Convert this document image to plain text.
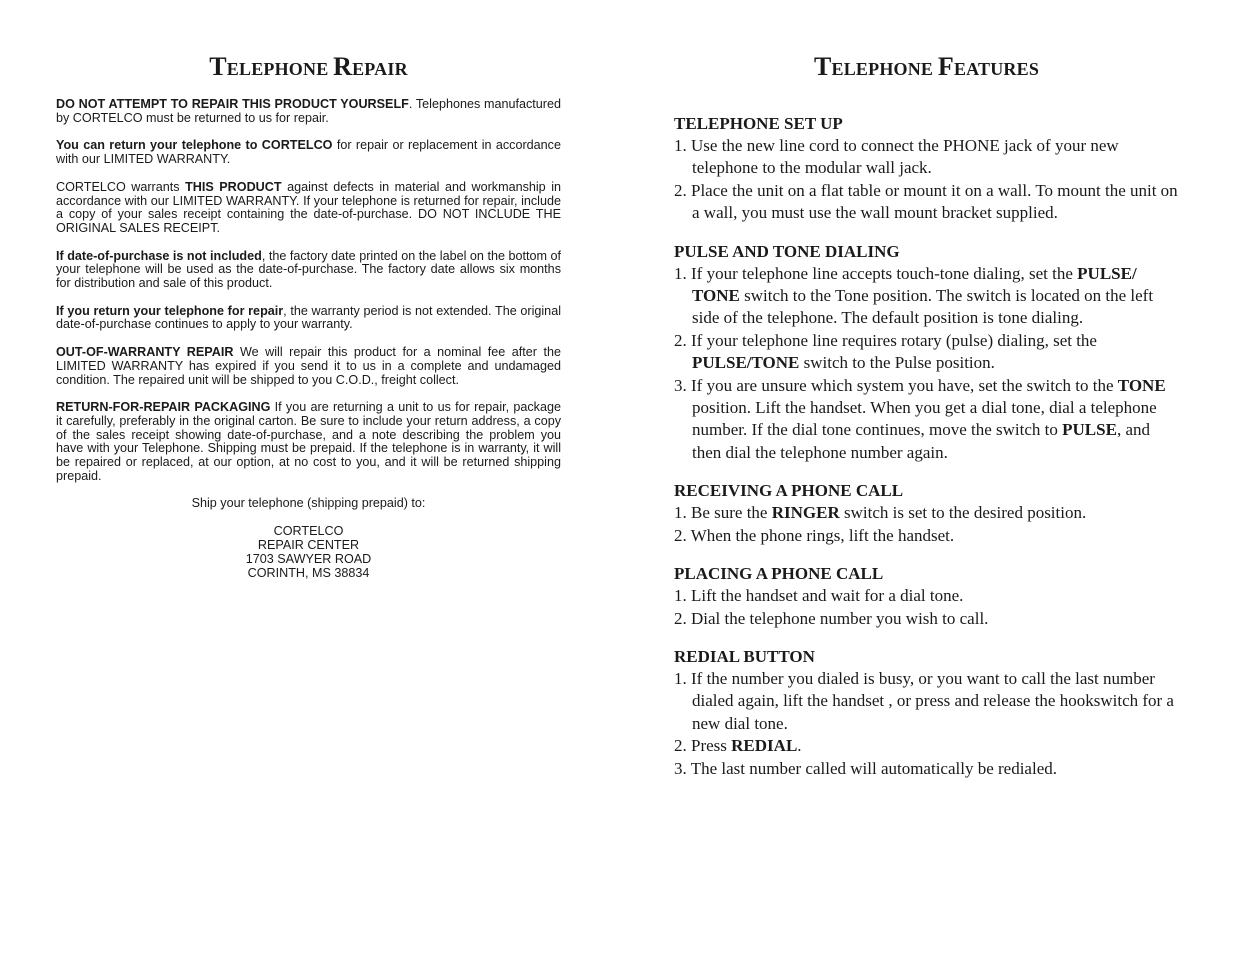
TELEPHONE REPAIR

DO NOT ATTEMPT TO REPAIR THIS PRODUCT YOURSELF. Telephones manufactured by CORTELCO must be returned to us for repair.

You can return your telephone to CORTELCO for repair or replacement in accordance with our LIMITED WARRANTY.

CORTELCO warrants THIS PRODUCT against defects in material and workmanship in accordance with our LIMITED WARRANTY. If your telephone is returned for repair, include a copy of your sales receipt containing the date-of-purchase. DO NOT INCLUDE THE ORIGINAL SALES RECEIPT.

If date-of-purchase is not included, the factory date printed on the label on the bottom of your telephone will be used as the date-of-purchase. The factory date allows six months for distribution and sale of this product.

If you return your telephone for repair, the warranty period is not extended. The original date-of-purchase continues to apply to your warranty.

OUT-OF-WARRANTY REPAIR We will repair this product for a nominal fee after the LIMITED WARRANTY has expired if you send it to us in a complete and undamaged condition. The repaired unit will be shipped to you C.O.D., freight collect.

RETURN-FOR-REPAIR PACKAGING If you are returning a unit to us for repair, package it carefully, preferably in the original carton. Be sure to include your return address, a copy of the sales receipt showing date-of-purchase, and a note describing the problem you have with your Telephone. Shipping must be prepaid. If the telephone is in warranty, it will be repaired or replaced, at our option, at no cost to you, and it will be returned shipping prepaid.

Ship your telephone (shipping prepaid) to:

CORTELCO
REPAIR CENTER
1703 SAWYER ROAD
CORINTH, MS 38834
TELEPHONE FEATURES

TELEPHONE SET UP

1. Use the new line cord to connect the PHONE jack of your new telephone to the modular wall jack.

2. Place the unit on a flat table or mount it on a wall. To mount the unit on a wall, you must use the wall mount bracket supplied.

PULSE AND TONE DIALING

1. If your telephone line accepts touch-tone dialing, set the PULSE/ TONE switch to the Tone position. The switch is located on the left side of the telephone. The default position is tone dialing.

2. If your telephone line requires rotary (pulse) dialing, set the PULSE/TONE switch to the Pulse position.

3. If you are unsure which system you have, set the switch to the TONE position. Lift the handset. When you get a dial tone, dial a telephone number. If the dial tone continues, move the switch to PULSE, and then dial the telephone number again.

RECEIVING A PHONE CALL

1. Be sure the RINGER switch is set to the desired position.

2. When the phone rings, lift the handset.

PLACING A PHONE CALL

1. Lift the handset and wait for a dial tone.

2. Dial the telephone number you wish to call.

REDIAL BUTTON

1. If the number you dialed is busy, or you want to call the last number dialed again, lift the handset , or press and release the hookswitch for a new dial tone.

2. Press REDIAL.

3. The last number called will automatically be redialed.
